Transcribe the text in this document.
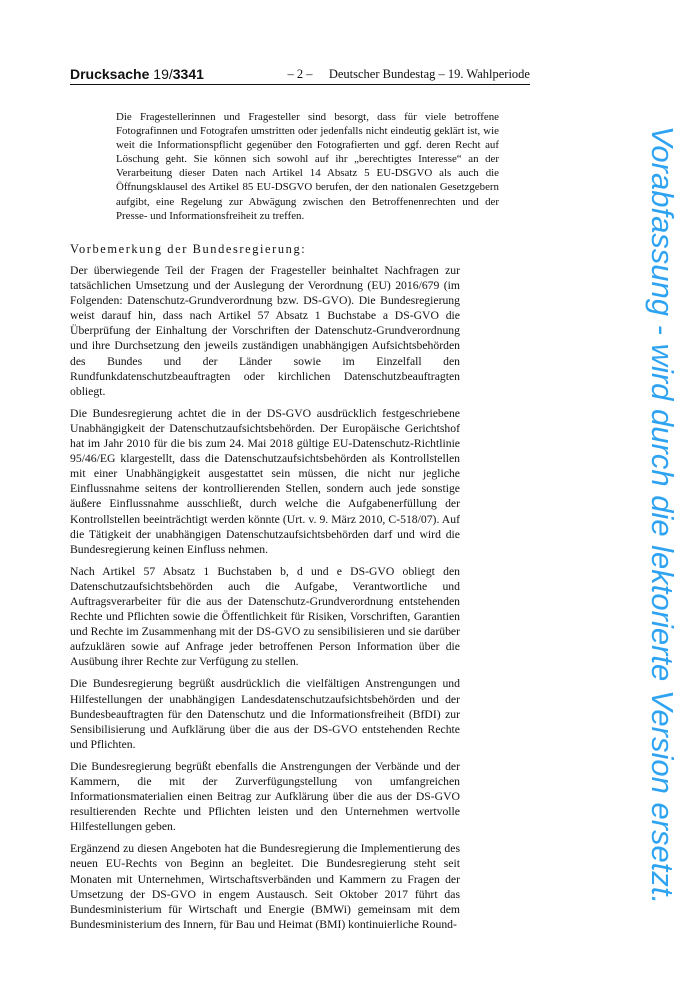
Drucksache 19/3341	– 2 –	Deutscher Bundestag – 19. Wahlperiode

Die Fragestellerinnen und Fragesteller sind besorgt, dass für viele betroffene Fotografinnen und Fotografen umstritten oder jedenfalls nicht eindeutig geklärt ist, wie weit die Informationspflicht gegenüber den Fotografierten und ggf. deren Recht auf Löschung geht. Sie können sich sowohl auf ihr „berechtigtes Interesse“ an der Verarbeitung dieser Daten nach Artikel 14 Absatz 5 EU-DSGVO als auch die Öffnungsklausel des Artikel 85 EU-DSGVO berufen, der den nationalen Gesetzgebern aufgibt, eine Regelung zur Abwägung zwischen den Betroffenenrechten und der Presse- und Informationsfreiheit zu treffen.

Vorbemerkung der Bundesregierung:

Der überwiegende Teil der Fragen der Fragesteller beinhaltet Nachfragen zur tatsächlichen Umsetzung und der Auslegung der Verordnung (EU) 2016/679 (im Folgenden: Datenschutz-Grundverordnung bzw. DS-GVO). Die Bundesregierung weist darauf hin, dass nach Artikel 57 Absatz 1 Buchstabe a DS-GVO die Überprüfung der Einhaltung der Vorschriften der Datenschutz-Grundverordnung und ihre Durchsetzung den jeweils zuständigen unabhängigen Aufsichtsbehörden des Bundes und der Länder sowie im Einzelfall den Rundfunkdatenschutzbeauftragten oder kirchlichen Datenschutzbeauftragten obliegt.

Die Bundesregierung achtet die in der DS-GVO ausdrücklich festgeschriebene Unabhängigkeit der Datenschutzaufsichtsbehörden. Der Europäische Gerichtshof hat im Jahr 2010 für die bis zum 24. Mai 2018 gültige EU-Datenschutz-Richtlinie 95/46/EG klargestellt, dass die Datenschutzaufsichtsbehörden als Kontrollstellen mit einer Unabhängigkeit ausgestattet sein müssen, die nicht nur jegliche Einflussnahme seitens der kontrollierenden Stellen, sondern auch jede sonstige äußere Einflussnahme ausschließt, durch welche die Aufgabenerfüllung der Kontrollstellen beeinträchtigt werden könnte (Urt. v. 9. März 2010, C-518/07). Auf die Tätigkeit der unabhängigen Datenschutzaufsichtsbehörden darf und wird die Bundesregierung keinen Einfluss nehmen.

Nach Artikel 57 Absatz 1 Buchstaben b, d und e DS-GVO obliegt den Datenschutzaufsichtsbehörden auch die Aufgabe, Verantwortliche und Auftragsverarbeiter für die aus der Datenschutz-Grundverordnung entstehenden Rechte und Pflichten sowie die Öffentlichkeit für Risiken, Vorschriften, Garantien und Rechte im Zusammenhang mit der DS-GVO zu sensibilisieren und sie darüber aufzuklären sowie auf Anfrage jeder betroffenen Person Information über die Ausübung ihrer Rechte zur Verfügung zu stellen.

Die Bundesregierung begrüßt ausdrücklich die vielfältigen Anstrengungen und Hilfestellungen der unabhängigen Landesdatenschutzaufsichtsbehörden und der Bundesbeauftragten für den Datenschutz und die Informationsfreiheit (BfDI) zur Sensibilisierung und Aufklärung über die aus der DS-GVO entstehenden Rechte und Pflichten.

Die Bundesregierung begrüßt ebenfalls die Anstrengungen der Verbände und der Kammern, die mit der Zurverfügungstellung von umfangreichen Informationsmaterialien einen Beitrag zur Aufklärung über die aus der DS-GVO resultierenden Rechte und Pflichten leisten und den Unternehmen wertvolle Hilfestellungen geben.

Ergänzend zu diesen Angeboten hat die Bundesregierung die Implementierung des neuen EU-Rechts von Beginn an begleitet. Die Bundesregierung steht seit Monaten mit Unternehmen, Wirtschaftsverbänden und Kammern zu Fragen der Umsetzung der DS-GVO in engem Austausch. Seit Oktober 2017 führt das Bundesministerium für Wirtschaft und Energie (BMWi) gemeinsam mit dem Bundesministerium des Innern, für Bau und Heimat (BMI) kontinuierliche Round-

Vorabfassung - wird durch die lektorierte Version ersetzt.
